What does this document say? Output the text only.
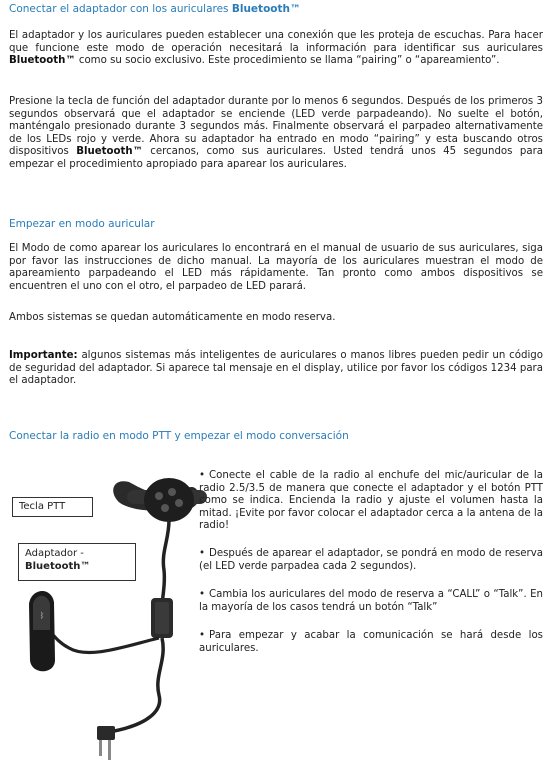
Conectar el adaptador con los auriculares Bluetooth™
El adaptador y los auriculares pueden establecer una conexión que les proteja de escuchas. Para hacer que funcione este modo de operación necesitará la información para identificar sus auriculares Bluetooth™ como su socio exclusivo. Este procedimiento se llama “pairing” o “apareamiento”.
Presione la tecla de función del adaptador durante por lo menos 6 segundos. Después de los primeros 3 segundos observará que el adaptador se enciende (LED verde parpadeando). No suelte el botón, manténgalo presionado durante 3 segundos más. Finalmente observará el parpadeo alternativamente de los LEDs rojo y verde. Ahora su adaptador ha entrado en modo “pairing” y esta buscando otros dispositivos Bluetooth™ cercanos, como sus auriculares. Usted tendrá unos 45 segundos para empezar el procedimiento apropiado para aparear los auriculares.
Empezar en modo auricular
El Modo de como aparear los auriculares lo encontrará en el manual de usuario de sus auriculares, siga por favor las instrucciones de dicho manual. La mayoría de los auriculares muestran el modo de apareamiento parpadeando el LED más rápidamente. Tan pronto como ambos dispositivos se encuentren el uno con el otro, el parpadeo de LED parará.
Ambos sistemas se quedan automáticamente en modo reserva.
Importante: algunos sistemas más inteligentes de auriculares o manos libres pueden pedir un código de seguridad del adaptador. Si aparece tal mensaje en el display, utilice por favor los códigos 1234 para el adaptador.
Conectar la radio en modo PTT y empezar el modo conversación
ᛒ
Tecla PTT
Adaptador -
Bluetooth™
• Conecte el cable de la radio al enchufe del mic/auricular de la radio 2.5/3.5 de manera que conecte el adaptador y el botón PTT como se indica. Encienda la radio y ajuste el volumen hasta la mitad. ¡Evite por favor colocar el adaptador cerca a la antena de la radio!
• Después de aparear el adaptador, se pondrá en modo de reserva (el LED verde parpadea cada 2 segundos).
• Cambia los auriculares del modo de reserva a “CALL” o “Talk”. En la mayoría de los casos tendrá un botón “Talk”
• Para empezar y acabar la comunicación se hará desde los auriculares.
